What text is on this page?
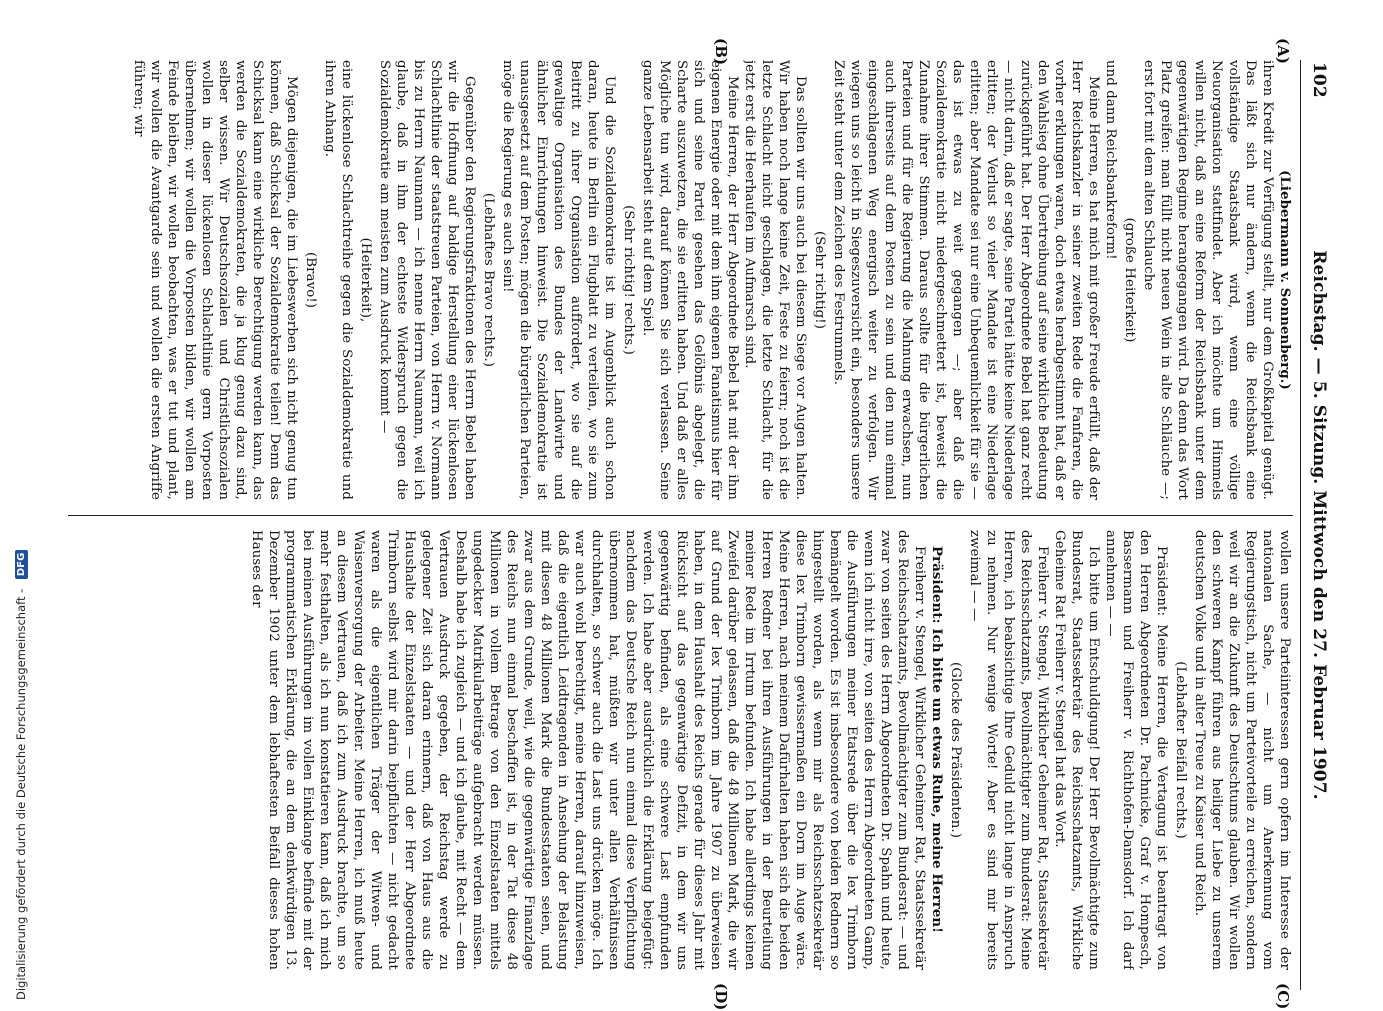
102
Reichstag. — 5. Sitzung. Mittwoch den 27. Februar 1907.
(A)
(B)
(C)
(D)

(Liebermann v. Sonnenberg.)

ihren Kredit zur Verfügung stellt, nur dem Großkapital genügt. Das läßt sich nur ändern, wenn die Reichsbank eine vollständige Staatsbank wird, wenn eine völlige Neuorganisation stattfindet. Aber ich möchte um Himmels willen nicht, daß an eine Reform der Reichsbank unter dem gegenwärtigen Regime herangegangen wird. Da denn das Wort Platz greifen: man füllt nicht neuen Wein in alte Schläuche —; erst fort mit dem alten Schlauche

(große Heiterkeit)

und dann Reichsbankreform!

Meine Herren, es hat mich mit großer Freude erfüllt, daß der Herr Reichskanzler in seiner zweiten Rede die Fanfaren, die vorher erklungen waren, doch etwas herabgestimmt hat, daß er den Wahlsieg ohne Übertreibung auf seine wirkliche Bedeutung zurückgeführt hat. Der Herr Abgeordnete Bebel hat ganz recht — nicht darin, daß er sagte, seine Partei hätte keine Niederlage erlitten; der Verlust so vieler Mandate ist eine Niederlage erlitten; aber Mandate sei nur eine Unbequemlichkeit für sie — das ist etwas zu weit gegangen —; aber daß die Sozialdemokratie nicht niedergeschmettert ist, beweist die Zunahme ihrer Stimmen. Daraus sollte für die bürgerlichen Parteien und für die Regierung die Mahnung erwachsen, nun auch ihrerseits auf dem Posten zu sein und den nun einmal eingeschlagenen Weg energisch weiter zu verfolgen. Wir wiegen uns so leicht in Siegeszuversicht ein, besonders unsere Zeit steht unter dem Zeichen des Festrummels.

(Sehr richtig!)

Das sollten wir uns auch bei diesem Siege vor Augen halten. Wir haben noch lange keine Zeit, Feste zu feiern; noch ist die letzte Schlacht nicht geschlagen, die letzte Schlacht, für die jetzt erst die Heerhaufen im Aufmarsch sind.

Meine Herren, der Herr Abgeordnete Bebel hat mit der ihm eigenen Energie oder mit dem ihm eigenen Fanatismus hier für sich und seine Partei gesehen das Gelöbnis abgelegt, die Scharte auszuwetzen, die sie erlitten haben. Und daß er alles Mögliche tun wird, darauf können Sie sich verlassen. Seine ganze Lebensarbeit steht auf dem Spiel.

(Sehr richtig! rechts.)

Und die Sozialdemokratie ist im Augenblick auch schon daran, heute in Berlin ein Flugblatt zu verteilen, wo sie zum Beitritt zu ihrer Organisation auffordert, wo sie auf die gewaltige Organisation des Bundes der Landwirte und ähnlicher Einrichtungen hinweist. Die Sozialdemokratie ist unausgesetzt auf dem Posten; mögen die bürgerlichen Parteien, möge die Regierung es auch sein!

(Lebhaftes Bravo rechts.)

Gegenüber den Regierungsfraktionen des Herrn Bebel haben wir die Hoffnung auf baldige Herstellung einer lückenlosen Schlachtlinie der staatstreuen Parteien, von Herrn v. Normann bis zu Herrn Naumann — ich nenne Herrn Naumann, weil ich glaube, daß in ihm der echteste Widerspruch gegen die Sozialdemokratie am meisten zum Ausdruck kommt —

(Heiterkeit),

eine lückenlose Schlachtreihe gegen die Sozialdemokratie und ihren Anhang.

(Bravo!)

Mögen diejenigen, die im Liebeswerben sich nicht genug tun können, daß Schicksal der Sozialdemokratie teilen! Denn das Schicksal kann eine wirkliche Berechtigung werden kann, das werden die Sozialdemokraten, die ja klug genug dazu sind, selber wissen. Wir Deutschsozialen und Christlichsozialen wollen in dieser lückenlosen Schlachtlinie gern Vorposten übernehmen; wir wollen die Vorposten bilden, wir wollen am Feinde bleiben, wir wollen beobachten, was er tut und plant, wir wollen die Avantgarde sein und wollen die ersten Angriffe führen; wir

wollen unsere Parteiinteressen gern opfern im Interesse der nationalen Sache, — nicht um Anerkennung vom Regierungstisch, nicht um Parteivorteile zu erreichen, sondern weil wir an die Zukunft des Deutschtums glauben. Wir wollen den schweren Kampf führen aus heiliger Liebe zu unserem deutschen Volke und in alter Treue zu Kaiser und Reich.

(Lebhafter Beifall rechts.)

Präsident: Meine Herren, die Vertagung ist beantragt von den Herren Abgeordneten Dr. Pachnicke, Graf v. Hompesch, Bassermann und Freiherr v. Richthofen-Damsdorf. Ich darf annehmen — —

Ich bitte um Entschuldigung! Der Herr Bevollmächtigte zum Bundesrat, Staatssekretär des Reichsschatzamts, Wirkliche Geheime Rat Freiherr v. Stengel hat das Wort.

Freiherr v. Stengel, Wirklicher Geheimer Rat, Staatssekretär des Reichsschatzamts, Bevollmächtigter zum Bundesrat: Meine Herren, ich beabsichtige Ihre Geduld nicht lange in Anspruch zu nehmen. Nur wenige Worte! Aber es sind mir bereits zweimal — —

(Glocke des Präsidenten.)

Präsident: Ich bitte um etwas Ruhe, meine Herren!

Freiherr v. Stengel, Wirklicher Geheimer Rat, Staatssekretär des Reichsschatzamts, Bevollmächtigter zum Bundesrat: — und zwar von seiten des Herrn Abgeordneten Dr. Spahn und heute, wenn ich nicht irre, von seiten des Herrn Abgeordneten Gamp, die Ausführungen meiner Etatsrede über die lex Trimborn bemängelt worden. Es ist insbesondere von beiden Rednern so hingestellt worden, als wenn mir als Reichsschatzsekretär diese lex Trimborn gewissermaßen ein Dorn im Auge wäre. Meine Herren, nach meinem Dafürhalten haben sich die beiden Herren Redner bei ihren Ausführungen in der Beurteilung meiner Rede im Irrtum befunden. Ich habe allerdings keinen Zweifel darüber gelassen, daß die 48 Millionen Mark, die wir auf Grund der lex Trimborn im Jahre 1907 zu überweisen haben, in dem Haushalt des Reichs gerade für dieses Jahr mit Rücksicht auf das gegenwärtige Defizit, in dem wir uns gegenwärtig befinden, als eine schwere Last empfunden werden. Ich habe aber ausdrücklich die Erklärung beigefügt: nachdem das Deutsche Reich nun einmal diese Verpflichtung übernommen hat, müßten wir unter allen Verhältnissen durchhalten, so schwer auch die Last uns drücken möge. Ich war auch wohl berechtigt, meine Herren, darauf hinzuweisen, daß die eigentlich Leidtragenden in Ansehung der Belastung mit diesen 48 Millionen Mark die Bundesstaaten seien, und zwar aus dem Grunde, weil, wie die gegenwärtige Finanzlage des Reichs nun einmal beschaffen ist, in der Tat diese 48 Millionen in vollem Betrage von den Einzelstaaten mittels ungedeckter Matrikularbeiträge aufgebracht werden müssen. Deshalb habe ich zugleich — und ich glaube, mit Recht — dem Vertrauen Ausdruck gegeben, der Reichstag werde zu gelegener Zeit sich daran erinnern, daß von Haus aus die Haushalte der Einzelstaaten — und der Herr Abgeordnete Trimborn selbst wird mir darin beipflichten — nicht gedacht waren als die eigentlichen Träger der Witwen- und Waisenversorgung der Arbeiter. Meine Herren, ich muß heute an diesem Vertrauen, daß ich zum Ausdruck brachte, um so mehr festhalten, als ich nun konstatieren kann, daß ich mich bei meinen Ausführungen im vollen Einklange befinde mit der programmatischen Erklärung, die an dem denkwürdigen 13. Dezember 1902 unter dem lebhaftesten Beifall dieses hohen Hauses der

Digitalisierung gefördert durch die Deutsche Forschungsgemeinschaft - DFG
